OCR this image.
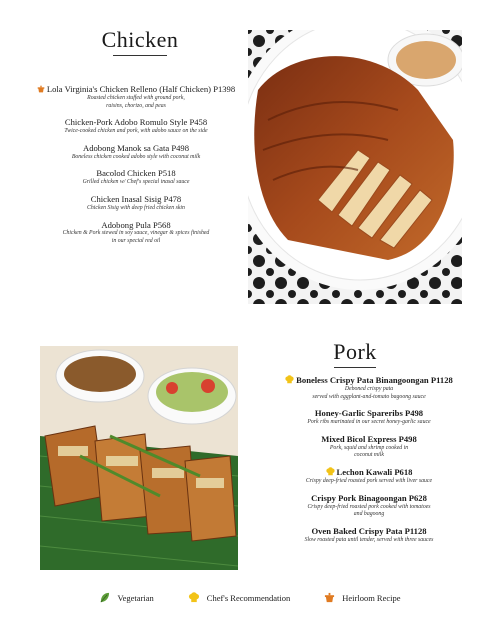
Chicken
Lola Virginia's Chicken Relleno (Half Chicken) P1398
Roasted chicken stuffed with ground pork,
raisins, chorizo, and peas
Chicken-Pork Adobo Romulo Style P458
Twice-cooked chicken and pork, with adobo sauce on the side
Adobong Manok sa Gata P498
Boneless chicken cooked adobo style with coconut milk
Bacolod Chicken P518
Grilled chicken w/ Chef's special inasal sauce
Chicken Inasal Sisig P478
Chicken Sisig with deep fried chicken skin
Adobong Pula P568
Chicken & Pork stewed in soy sauce, vinegar & spices finished
in our special red oil
Pork
Boneless Crispy Pata Binangoongan P1128
Deboned crispy pata
served with eggplant-and-tomato bagoong sauce
Honey-Garlic Spareribs P498
Pork ribs marinated in our secret honey-garlic sauce
Mixed Bicol Express P498
Pork, squid and shrimp cooked in
coconut milk
Lechon Kawali P618
Crispy deep-fried roasted pork served with liver sauce
Crispy Pork Binagoongan P628
Crispy deep-fried roasted pork cooked with tomatoes
and bagoong
Oven Baked Crispy Pata P1128
Slow roasted pata until tender, served with three sauces
Vegetarian	Chef's Recommendation	Heirloom Recipe
